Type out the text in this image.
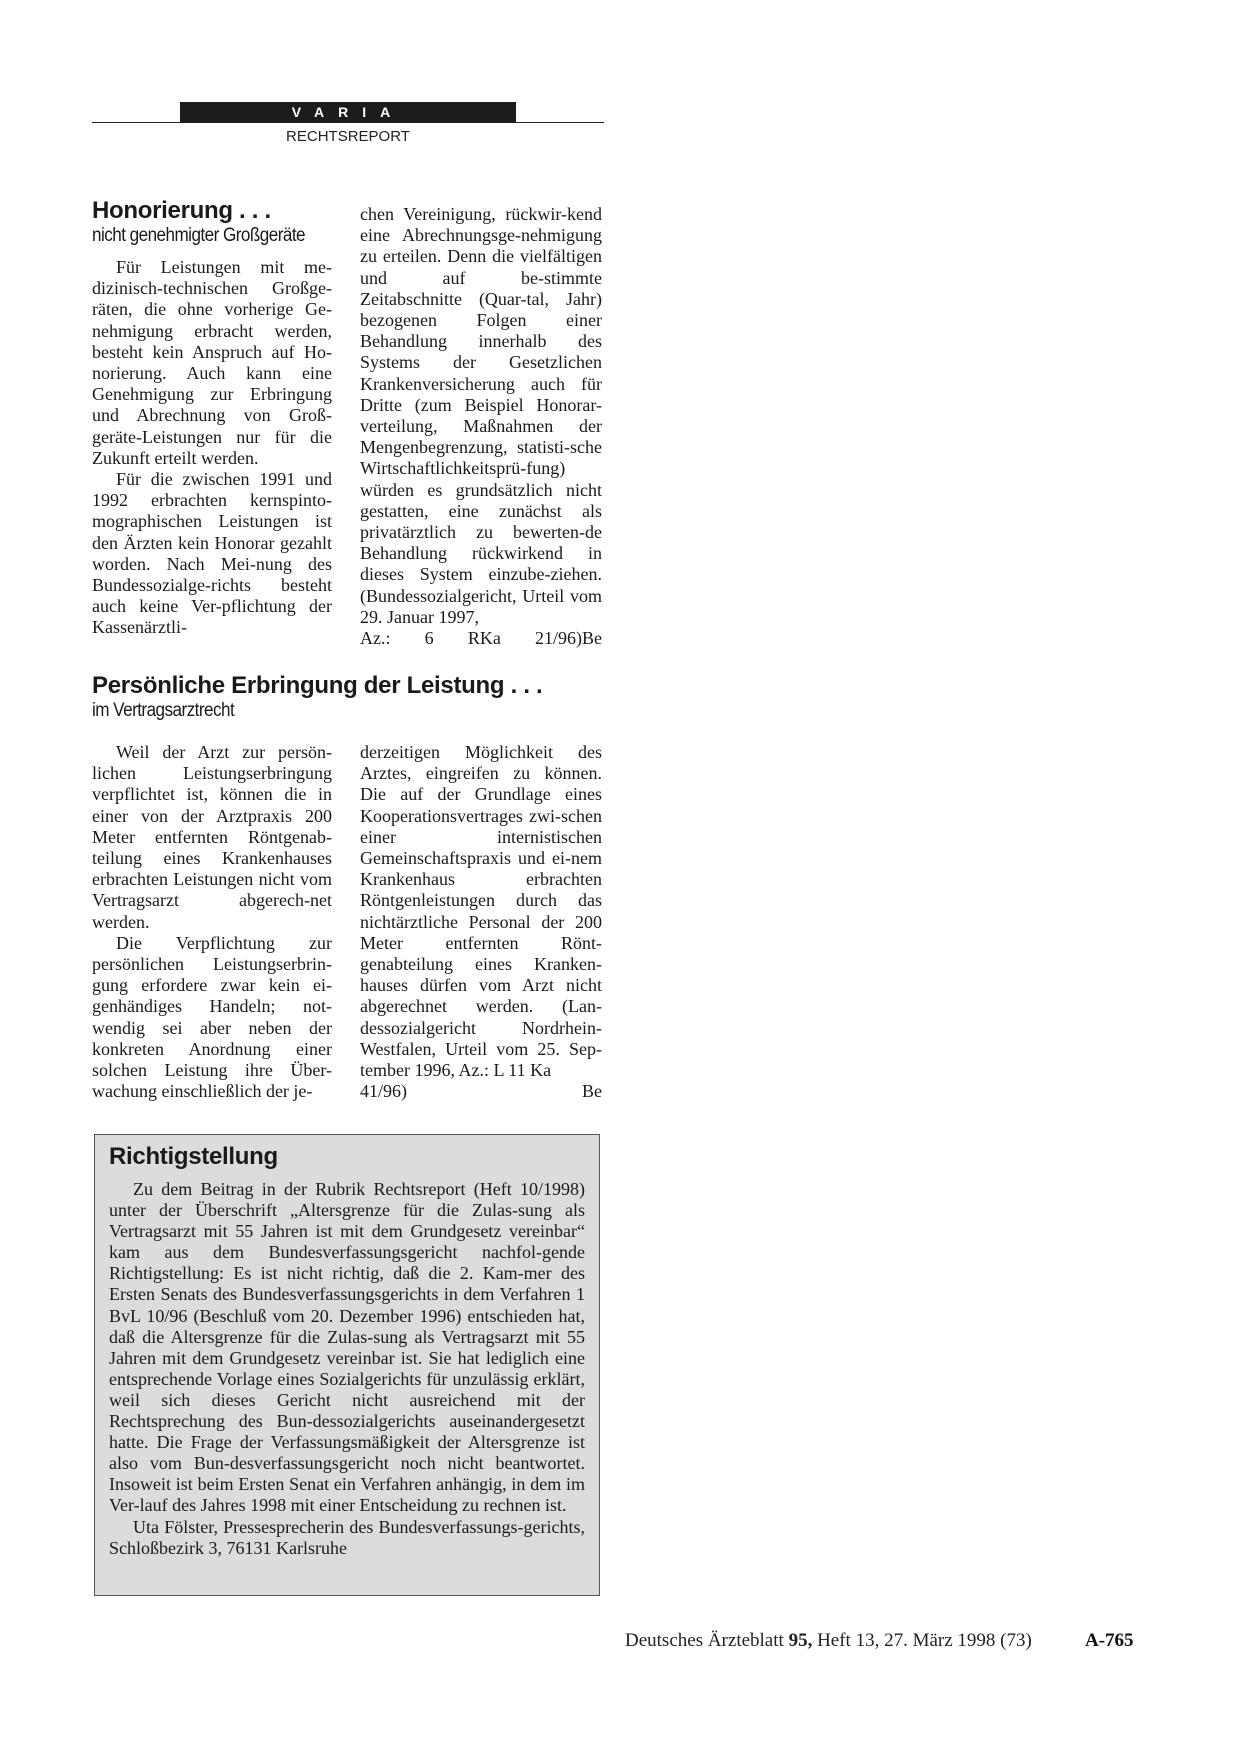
VARIA
RECHTSREPORT
Honorierung . . .
nicht genehmigter Großgeräte

Für Leistungen mit me-dizinisch-technischen Großge-räten, die ohne vorherige Ge-nehmigung erbracht werden, besteht kein Anspruch auf Ho-norierung. Auch kann eine Genehmigung zur Erbringung und Abrechnung von Groß-geräte-Leistungen nur für die Zukunft erteilt werden.

Für die zwischen 1991 und 1992 erbrachten kernspinto-mographischen Leistungen ist den Ärzten kein Honorar gezahlt worden. Nach Mei-nung des Bundessozialge-richts besteht auch keine Ver-pflichtung der Kassenärztli-

chen Vereinigung, rückwir-kend eine Abrechnungsge-nehmigung zu erteilen. Denn die vielfältigen und auf be-stimmte Zeitabschnitte (Quar-tal, Jahr) bezogenen Folgen einer Behandlung innerhalb des Systems der Gesetzlichen Krankenversicherung auch für Dritte (zum Beispiel Honorar-verteilung, Maßnahmen der Mengenbegrenzung, statisti-sche Wirtschaftlichkeitsprü-fung) würden es grundsätzlich nicht gestatten, eine zunächst als privatärztlich zu bewerten-de Behandlung rückwirkend in dieses System einzube-ziehen. (Bundessozialgericht, Urteil vom 29. Januar 1997,

Az.: 6 RKa 21/96) Be

Persönliche Erbringung der Leistung . . .
im Vertragsarztrecht

Weil der Arzt zur persön-lichen Leistungserbringung verpflichtet ist, können die in einer von der Arztpraxis 200 Meter entfernten Röntgenab-teilung eines Krankenhauses erbrachten Leistungen nicht vom Vertragsarzt abgerech-net werden.

Die Verpflichtung zur persönlichen Leistungserbrin-gung erfordere zwar kein ei-genhändiges Handeln; not-wendig sei aber neben der konkreten Anordnung einer solchen Leistung ihre Über-wachung einschließlich der je-

derzeitigen Möglichkeit des Arztes, eingreifen zu können. Die auf der Grundlage eines Kooperationsvertrages zwi-schen einer internistischen Gemeinschaftspraxis und ei-nem Krankenhaus erbrachten Röntgenleistungen durch das nichtärztliche Personal der 200 Meter entfernten Rönt-genabteilung eines Kranken-hauses dürfen vom Arzt nicht abgerechnet werden. (Lan-dessozialgericht Nordrhein-Westfalen, Urteil vom 25. Sep-tember 1996, Az.: L 11 Ka

41/96)	Be

Richtigstellung

Zu dem Beitrag in der Rubrik Rechtsreport (Heft 10/1998) unter der Überschrift „Altersgrenze für die Zulas-sung als Vertragsarzt mit 55 Jahren ist mit dem Grundgesetz vereinbar“ kam aus dem Bundesverfassungsgericht nachfol-gende Richtigstellung: Es ist nicht richtig, daß die 2. Kam-mer des Ersten Senats des Bundesverfassungsgerichts in dem Verfahren 1 BvL 10/96 (Beschluß vom 20. Dezember 1996) entschieden hat, daß die Altersgrenze für die Zulas-sung als Vertragsarzt mit 55 Jahren mit dem Grundgesetz vereinbar ist. Sie hat lediglich eine entsprechende Vorlage eines Sozialgerichts für unzulässig erklärt, weil sich dieses Gericht nicht ausreichend mit der Rechtsprechung des Bun-dessozialgerichts auseinandergesetzt hatte. Die Frage der Verfassungsmäßigkeit der Altersgrenze ist also vom Bun-desverfassungsgericht noch nicht beantwortet. Insoweit ist beim Ersten Senat ein Verfahren anhängig, in dem im Ver-lauf des Jahres 1998 mit einer Entscheidung zu rechnen ist.

Uta Fölster, Pressesprecherin des Bundesverfassungs-gerichts, Schloßbezirk 3, 76131 Karlsruhe

Deutsches Ärzteblatt 95, Heft 13, 27. März 1998 (73)	A-765
